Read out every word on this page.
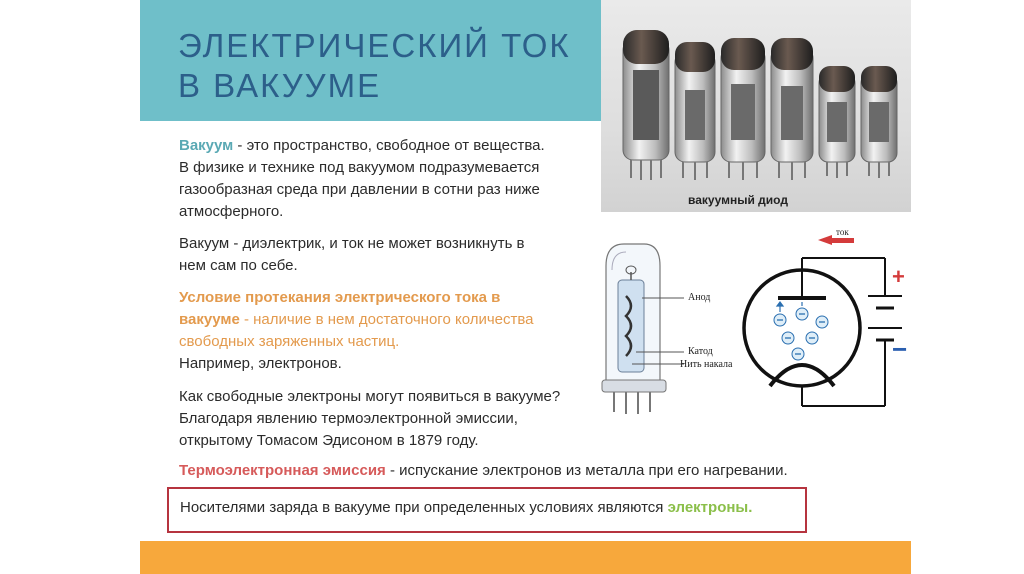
ЭЛЕКТРИЧЕСКИЙ ТОК
В ВАКУУМЕ
вакуумный диод
Вакуум - это пространство, свободное от вещества.
В физике и технике под вакуумом подразумевается
газообразная среда при давлении в сотни раз ниже
атмосферного.
Вакуум - диэлектрик, и ток не может возникнуть в
нем сам по себе.
Условие протекания электрического тока в
вакууме - наличие в нем достаточного количества
свободных заряженных частиц.
Например, электронов.
Как свободные электроны могут появиться в вакууме?
Благодаря явлению термоэлектронной эмиссии,
открытому Томасом Эдисоном в 1879 году.
Термоэлектронная эмиссия - испускание электронов из металла при его нагревании.
Носителями заряда в вакууме при определенных условиях являются электроны.
Анод
Катод
Нить накала
ток
+
−
